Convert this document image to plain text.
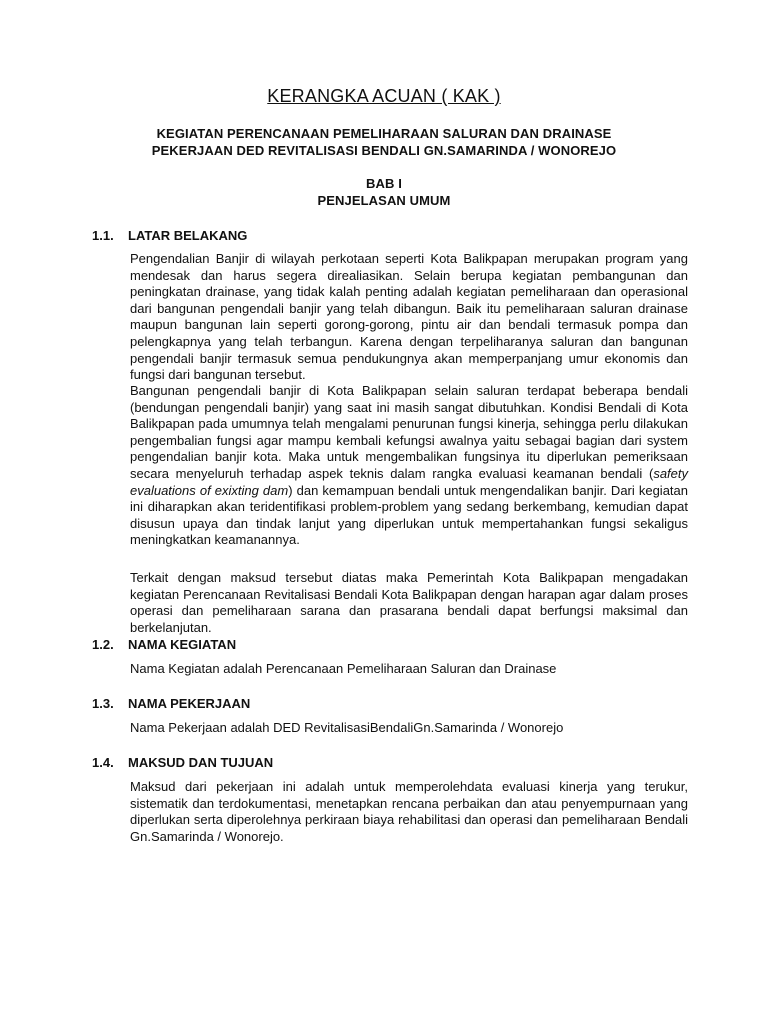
KERANGKA ACUAN ( KAK )
KEGIATAN PERENCANAAN PEMELIHARAAN SALURAN DAN DRAINASE
PEKERJAAN DED REVITALISASI BENDALI GN.SAMARINDA / WONOREJO
BAB I
PENJELASAN UMUM
1.1. LATAR BELAKANG
Pengendalian Banjir di wilayah perkotaan seperti Kota Balikpapan merupakan program yang mendesak dan harus segera direaliasikan. Selain berupa kegiatan pembangunan dan peningkatan drainase, yang tidak kalah penting adalah kegiatan pemeliharaan dan operasional dari bangunan pengendali banjir yang telah dibangun. Baik itu pemeliharaan saluran drainase maupun bangunan lain seperti gorong-gorong, pintu air dan bendali termasuk pompa dan pelengkapnya yang telah terbangun. Karena dengan terpeliharanya saluran dan bangunan pengendali banjir termasuk semua pendukungnya akan memperpanjang umur ekonomis dan fungsi dari bangunan tersebut.
Bangunan pengendali banjir di Kota Balikpapan selain saluran terdapat beberapa bendali (bendungan pengendali banjir) yang saat ini masih sangat dibutuhkan. Kondisi Bendali di Kota Balikpapan pada umumnya telah mengalami penurunan fungsi kinerja, sehingga perlu dilakukan pengembalian fungsi agar mampu kembali kefungsi awalnya yaitu sebagai bagian dari system pengendalian banjir kota. Maka untuk mengembalikan fungsinya itu diperlukan pemeriksaan secara menyeluruh terhadap aspek teknis dalam rangka evaluasi keamanan bendali (safety evaluations of exixting dam) dan kemampuan bendali untuk mengendalikan banjir. Dari kegiatan ini diharapkan akan teridentifikasi problem-problem yang sedang berkembang, kemudian dapat disusun upaya dan tindak lanjut yang diperlukan untuk mempertahankan fungsi sekaligus meningkatkan keamanannya.
Terkait dengan maksud tersebut diatas maka Pemerintah Kota Balikpapan mengadakan kegiatan Perencanaan Revitalisasi Bendali Kota Balikpapan dengan harapan agar dalam proses operasi dan pemeliharaan sarana dan prasarana bendali dapat berfungsi maksimal dan berkelanjutan.
1.2. NAMA KEGIATAN
Nama Kegiatan adalah Perencanaan Pemeliharaan Saluran dan Drainase
1.3. NAMA PEKERJAAN
Nama Pekerjaan adalah DED RevitalisasiBendaliGn.Samarinda / Wonorejo
1.4. MAKSUD DAN TUJUAN
Maksud dari pekerjaan ini adalah untuk memperolehdata evaluasi kinerja yang terukur, sistematik dan terdokumentasi, menetapkan rencana perbaikan dan atau penyempurnaan yang diperlukan serta diperolehnya perkiraan biaya rehabilitasi dan operasi dan pemeliharaan Bendali Gn.Samarinda / Wonorejo.
